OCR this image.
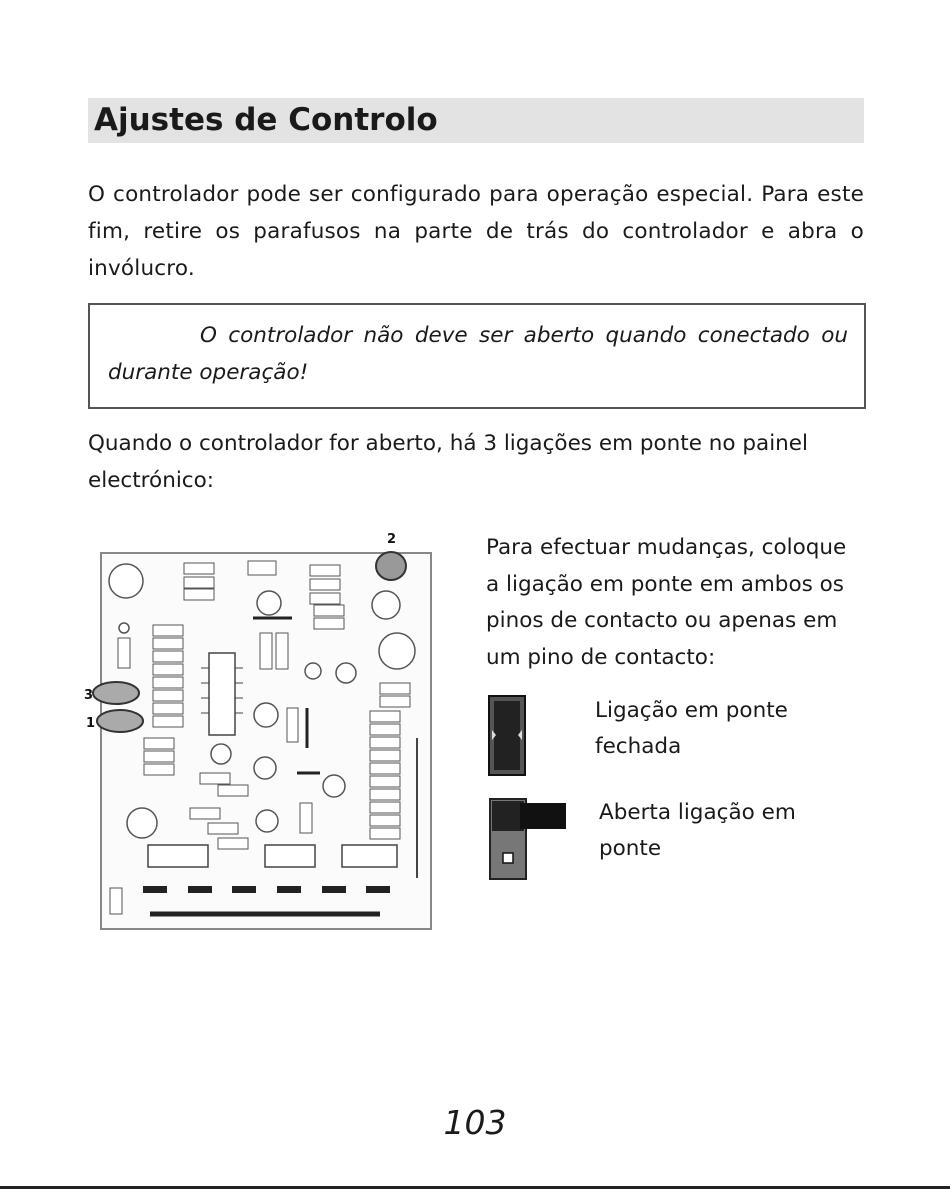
Ajustes de Controlo

O controlador pode ser configurado para operação especial. Para este fim, retire os parafusos na parte de trás do controlador e abra o invólucro.

O controlador não deve ser aberto quando conectado ou durante operação!

Quando o controlador for aberto, há 3 ligações em ponte no painel electrónico:

2
3
1

Para efectuar mudanças, coloque a ligação em ponte em ambos os pinos de contacto ou apenas em um pino de contacto:

Ligação em ponte fechada

Aberta ligação em ponte

103
